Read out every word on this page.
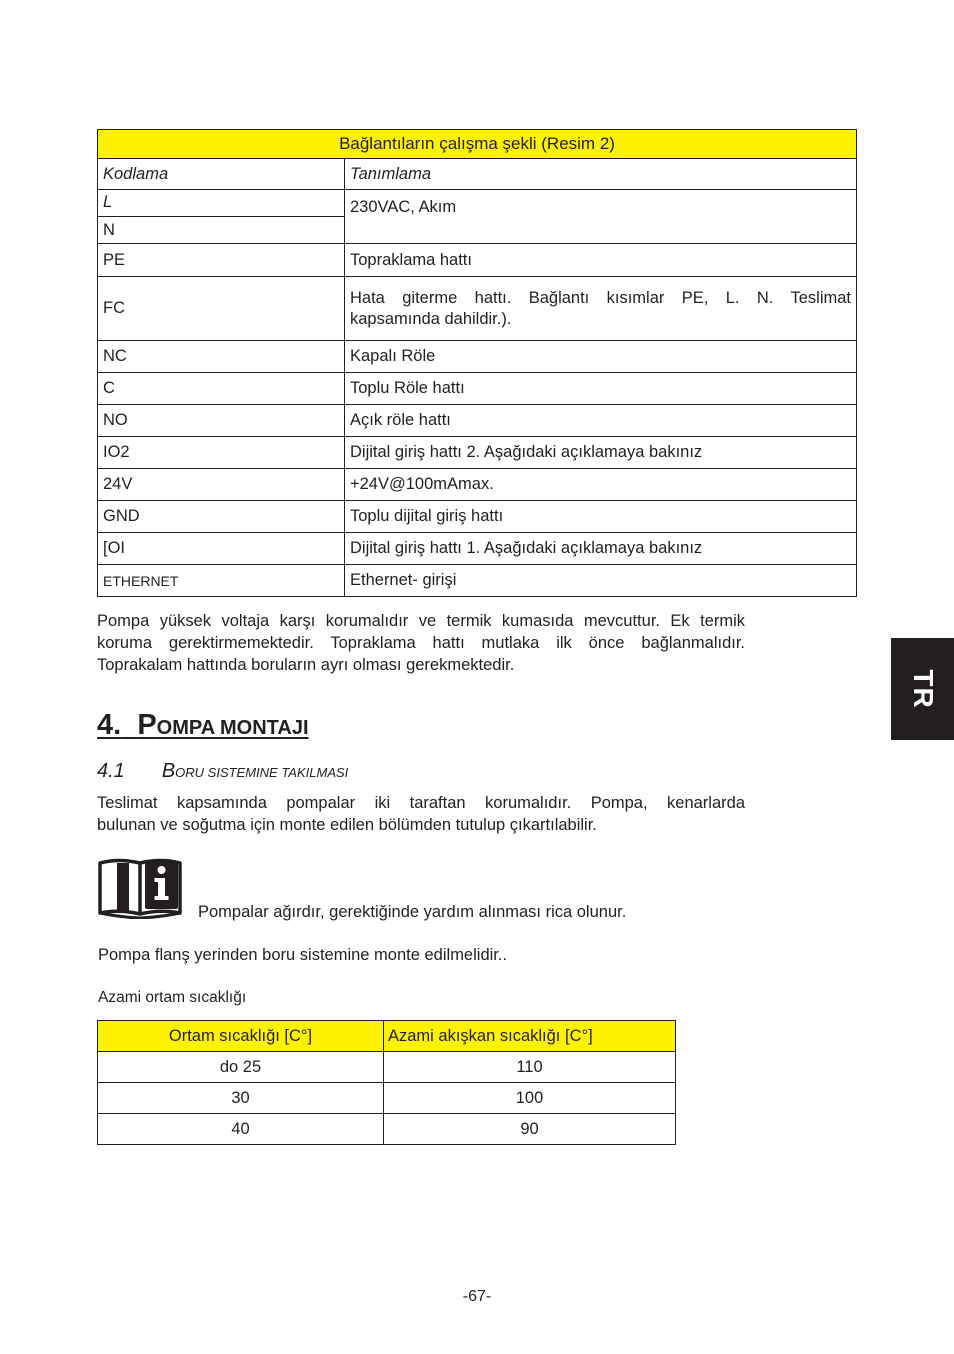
Bağlantıların çalışma şekli (Resim 2)	
Kodlama	Tanımlama
L	230VAC, Akım
N	
PE	Topraklama hattı
FC	Hata giterme hattı. Bağlantı kısımlar PE, L. N. Teslimat
kapsamında dahildir.).

NC	Kapalı Röle
C	Toplu Röle hattı
NO	Açık röle hattı
IO2	Dijital giriş hattı 2. Aşağıdaki açıklamaya bakınız
24V	+24V@100mAmax.
GND	Toplu dijital giriş hattı
[OI	Dijital giriş hattı 1. Aşağıdaki açıklamaya bakınız
ETHERNET	Ethernet- girişi
Pompa yüksek voltaja karşı korumalıdır ve termik kumasıda mevcuttur. Ek termik
koruma gerektirmemektedir. Topraklama hattı mutlaka ilk önce bağlanmalıdır.
Toprakalam hattında boruların ayrı olması gerekmektedir.
4. POMPA MONTAJI
4.1 BORU SISTEMINE TAKILMASI
Teslimat kapsamında pompalar iki taraftan korumalıdır. Pompa, kenarlarda
bulunan ve soğutma için monte edilen bölümden tutulup çıkartılabilir.
Pompalar ağırdır, gerektiğinde yardım alınması rica olunur.
Pompa flanş yerinden boru sistemine monte edilmelidir..
Azami ortam sıcaklığı
Ortam sıcaklığı [C°]	Azami akışkan sıcaklığı [C°]
do 25	110
30	100
40	90
TR
-67-
